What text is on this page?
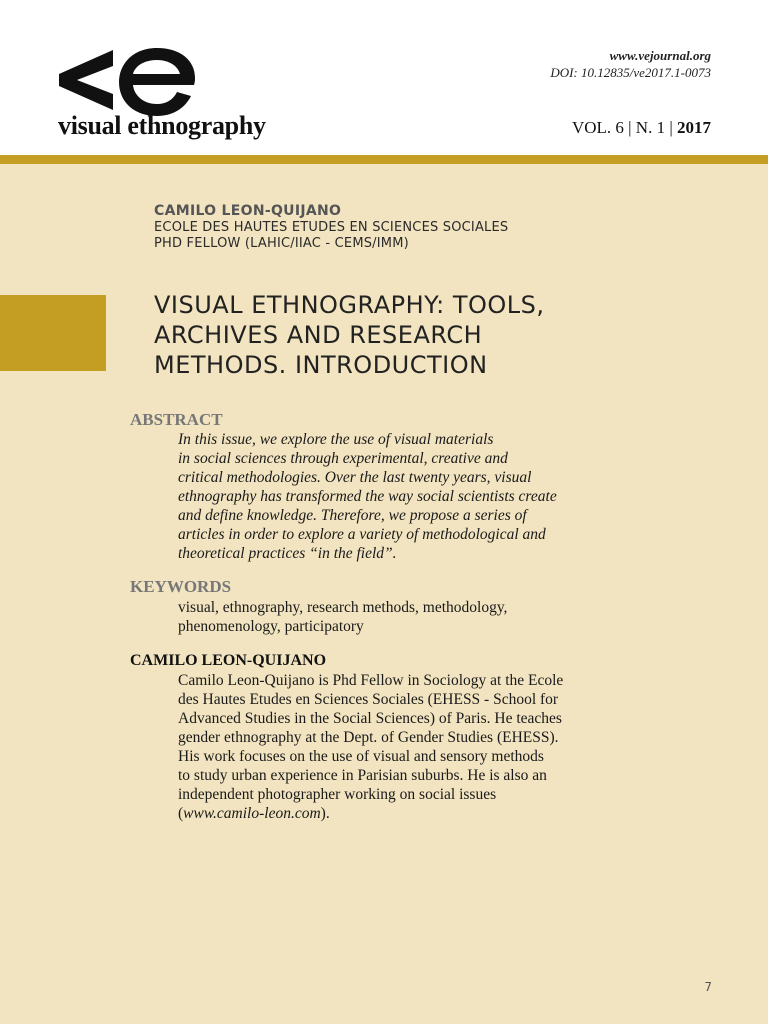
visual ethnography
www.vejournal.org
DOI: 10.12835/ve2017.1-0073
VOL. 6 | N. 1 | 2017
CAMILO LEON-QUIJANO
ECOLE DES HAUTES ETUDES EN SCIENCES SOCIALES
PHD FELLOW (LAHIC/IIAC - CEMS/IMM)
VISUAL ETHNOGRAPHY: TOOLS,
ARCHIVES AND RESEARCH
METHODS. INTRODUCTION
ABSTRACT
In this issue, we explore the use of visual materials
in social sciences through experimental, creative and
critical methodologies. Over the last twenty years, visual
ethnography has transformed the way social scientists create
and define knowledge. Therefore, we propose a series of
articles in order to explore a variety of methodological and
theoretical practices “in the field”.
KEYWORDS
visual, ethnography, research methods, methodology,
phenomenology, participatory
CAMILO LEON-QUIJANO
Camilo Leon-Quijano is Phd Fellow in Sociology at the Ecole
des Hautes Etudes en Sciences Sociales (EHESS - School for
Advanced Studies in the Social Sciences) of Paris. He teaches
gender ethnography at the Dept. of Gender Studies (EHESS).
His work focuses on the use of visual and sensory methods
to study urban experience in Parisian suburbs. He is also an
independent photographer working on social issues
(www.camilo-leon.com).
7
